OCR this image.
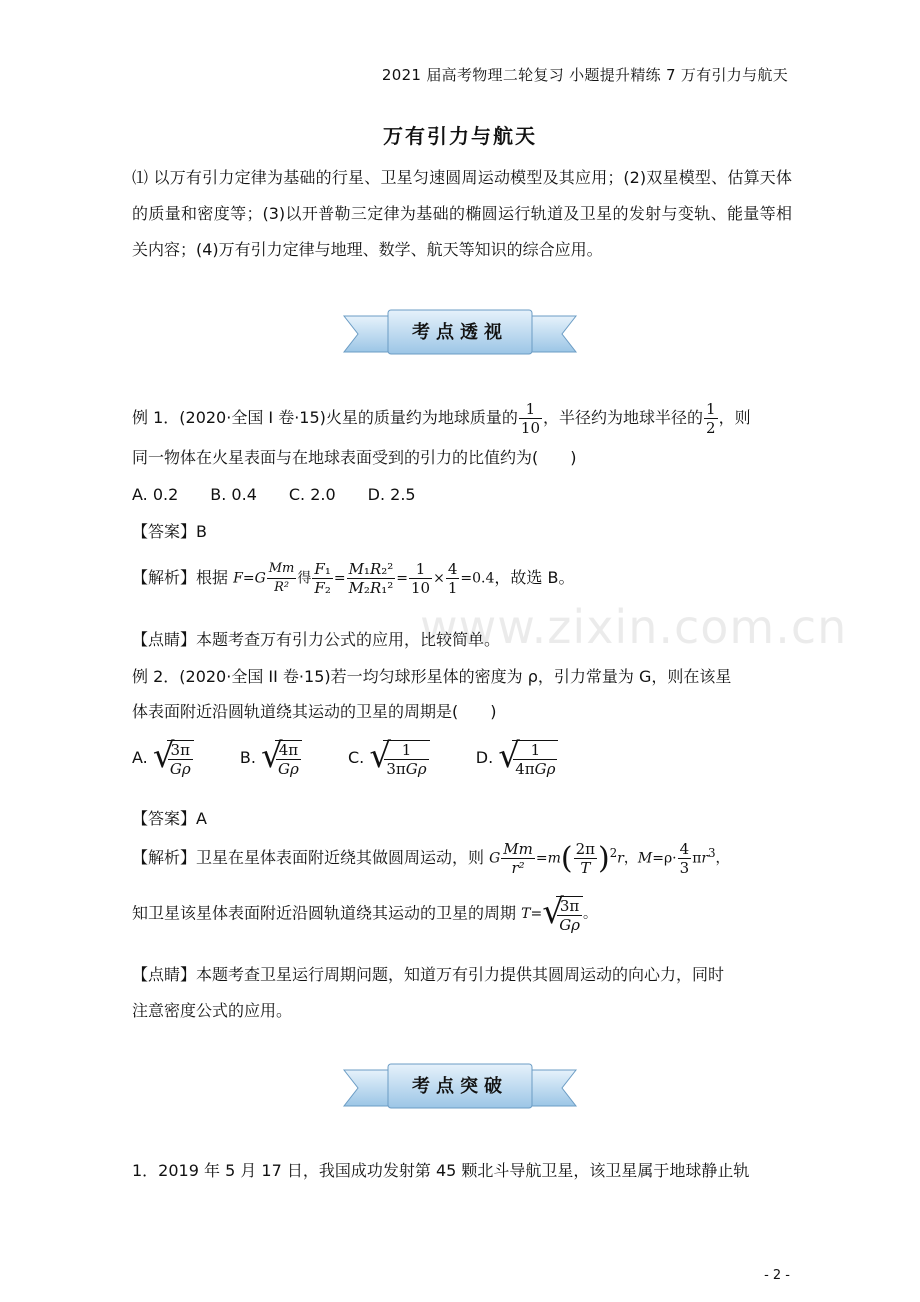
2021 届高考物理二轮复习 小题提升精练 7 万有引力与航天
万有引力与航天
⑴ 以万有引力定律为基础的行星、卫星匀速圆周运动模型及其应用；(2)双星模型、估算天体的质量和密度等；(3)以开普勒三定律为基础的椭圆运行轨道及卫星的发射与变轨、能量等相关内容；(4)万有引力定律与地理、数学、航天等知识的综合应用。
考点透视
例 1．(2020·全国 I 卷·15)火星的质量约为地球质量的 $\frac{1}{10}$ ，半径约为地球半径的 $\frac{1}{2}$ ，则
同一物体在火星表面与在地球表面受到的引力的比值约为(　　)
A. 0.2　　B. 0.4　　C. 2.0　　D. 2.5
【答案】B
【解析】根据 $F=G \frac{Mm}{\text{R²}}$ 得 $\frac{\text{F₁}}{\text{F₂}} = \frac{\text{M₁R₂²}}{\text{M₂R₁²}} = \frac{1}{10} \times \frac{4}{1} =0.4$，故选 B。
【点睛】本题考查万有引力公式的应用，比较简单。
www.zixin.com.cn
例 2．(2020·全国 II 卷·15)若一均匀球形星体的密度为 ρ，引力常量为 G，则在该星
体表面附近沿圆轨道绕其运动的卫星的周期是(　　)
A. √
$\frac{3\pi}{G\rho}$	B. √
$\frac{4\pi}{G\rho}$	C. √
$\frac{1}{\text{3πGρ}}$	D. √
$\frac{1}{\text{4πGρ}}$
【答案】A
【解析】卫星在星体表面附近绕其做圆周运动，则 G $\frac{Mm}{\text{r²}} =m( \frac{2\pi}{T} )^2r$，$M=\rho\cdot \frac{4}{3} \pi r^3$，
知卫星该星体表面附近沿圆轨道绕其运动的卫星的周期 T= √
$\frac{3\pi}{G\rho}$ 。
【点睛】本题考查卫星运行周期问题，知道万有引力提供其圆周运动的向心力，同时
注意密度公式的应用。
考点突破
1．2019 年 5 月 17 日，我国成功发射第 45 颗北斗导航卫星，该卫星属于地球静止轨
- 2 -
